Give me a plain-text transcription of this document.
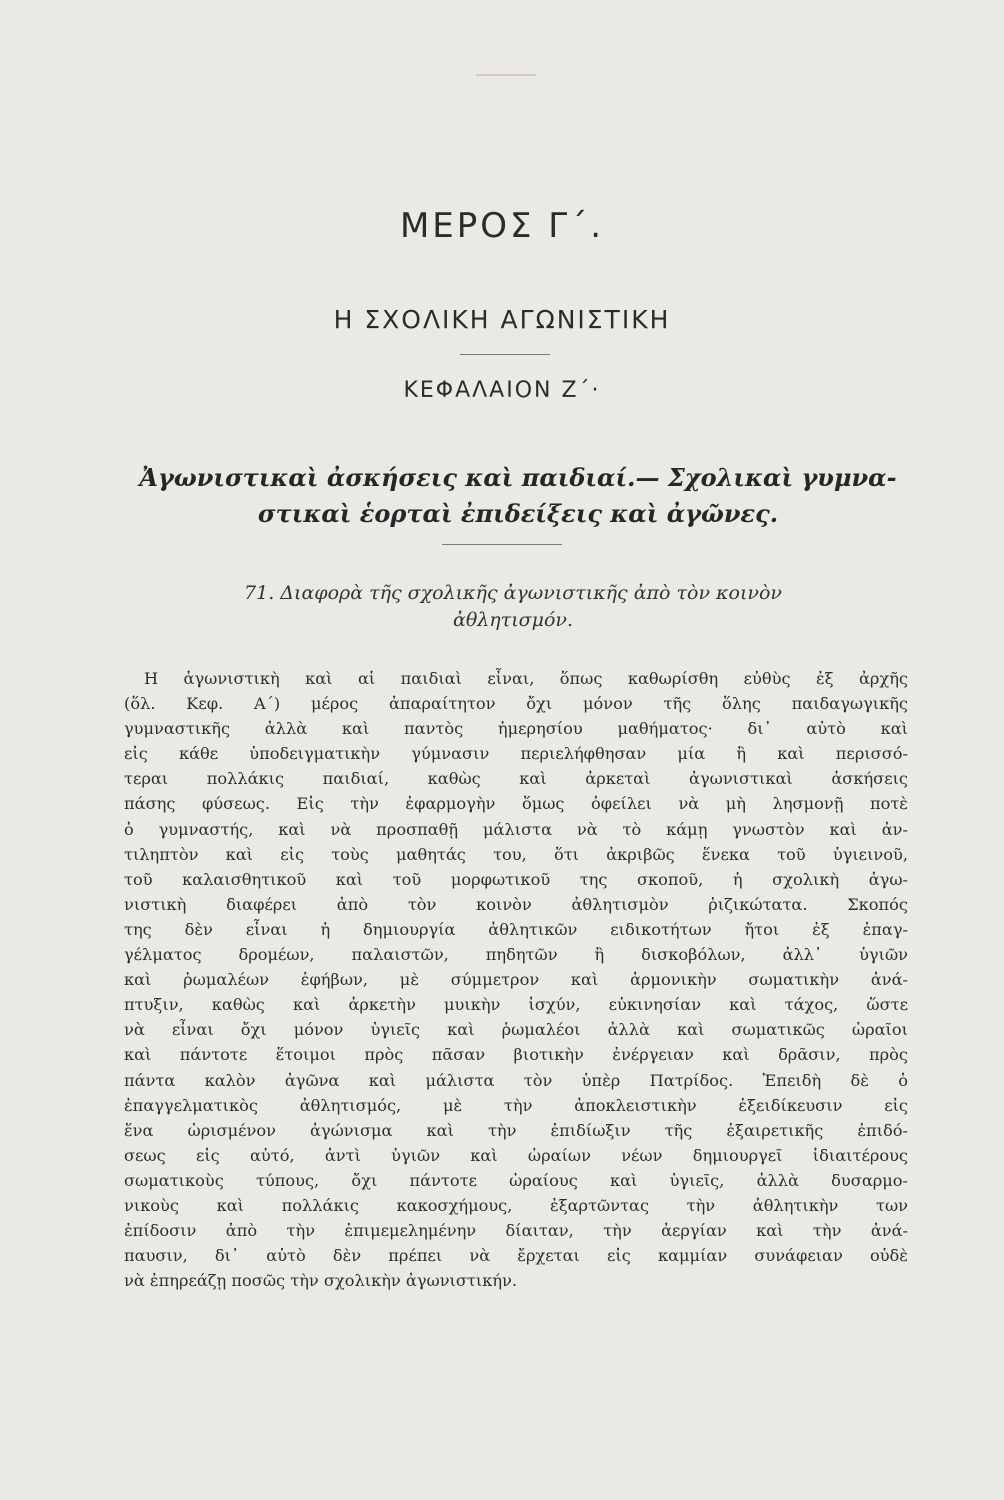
ΜΕΡΟΣ Γ΄.
Η ΣΧΟΛΙΚΗ ΑΓΩΝΙΣΤΙΚΗ
ΚΕΦΑΛΑΙΟΝ Ζ΄·
Ἀγωνιστικαὶ ἀσκήσεις καὶ παιδιαί.— Σχολικαὶ γυμνα-
στικαὶ ἑορταὶ ἐπιδείξεις καὶ ἀγῶνες.
71. Διαφορὰ τῆς σχολικῆς ἀγωνιστικῆς ἀπὸ τὸν κοινὸν
ἀθλητισμόν.
Η ἀγωνιστικὴ καὶ αἱ παιδιαὶ εἶναι, ὅπως καθωρίσθη εὐθὺς ἐξ ἀρχῆς
(ὅλ. Κεφ. Α΄) μέρος ἀπαραίτητον ὄχι μόνον τῆς ὅλης παιδαγωγικῆς
γυμναστικῆς ἀλλὰ καὶ παντὸς ἡμερησίου μαθήματος· δι᾽ αὐτὸ καὶ
εἰς κάθε ὑποδειγματικὴν γύμνασιν περιελήφθησαν μία ἢ καὶ περισσό-
τεραι πολλάκις παιδιαί, καθὼς καὶ ἀρκεταὶ ἀγωνιστικαὶ ἀσκήσεις
πάσης φύσεως. Εἰς τὴν ἐφαρμογὴν ὅμως ὀφείλει νὰ μὴ λησμονῇ ποτὲ
ὁ γυμναστής, καὶ νὰ προσπαθῇ μάλιστα νὰ τὸ κάμῃ γνωστὸν καὶ ἀν-
τιληπτὸν καὶ εἰς τοὺς μαθητάς του, ὅτι ἀκριβῶς ἕνεκα τοῦ ὑγιεινοῦ,
τοῦ καλαισθητικοῦ καὶ τοῦ μορφωτικοῦ της σκοποῦ, ἡ σχολικὴ ἀγω-
νιστικὴ διαφέρει ἀπὸ τὸν κοινὸν ἀθλητισμὸν ῥιζικώτατα. Σκοπός
της δὲν εἶναι ἡ δημιουργία ἀθλητικῶν ειδικοτήτων ἤτοι ἐξ ἐπαγ-
γέλματος δρομέων, παλαιστῶν, πηδητῶν ἢ δισκοβόλων, ἀλλ᾽ ὑγιῶν
καὶ ῥωμαλέων ἐφήβων, μὲ σύμμετρον καὶ ἁρμονικὴν σωματικὴν ἀνά-
πτυξιν, καθὼς καὶ ἀρκετὴν μυικὴν ἰσχύν, εὐκινησίαν καὶ τάχος, ὥστε
νὰ εἶναι ὄχι μόνον ὑγιεῖς καὶ ῥωμαλέοι ἀλλὰ καὶ σωματικῶς ὡραῖοι
καὶ πάντοτε ἕτοιμοι πρὸς πᾶσαν βιοτικὴν ἐνέργειαν καὶ δρᾶσιν, πρὸς
πάντα καλὸν ἀγῶνα καὶ μάλιστα τὸν ὑπὲρ Πατρίδος. Ἐπειδὴ δὲ ὁ
ἐπαγγελματικὸς ἀθλητισμός, μὲ τὴν ἀποκλειστικὴν ἐξειδίκευσιν εἰς
ἕνα ὡρισμένον ἀγώνισμα καὶ τὴν ἐπιδίωξιν τῆς ἐξαιρετικῆς ἐπιδό-
σεως εἰς αὐτό, ἀντὶ ὑγιῶν καὶ ὡραίων νέων δημιουργεῖ ἰδιαιτέρους
σωματικοὺς τύπους, ὄχι πάντοτε ὡραίους καὶ ὑγιεῖς, ἀλλὰ δυσαρμο-
νικοὺς καὶ πολλάκις κακοσχήμους, ἐξαρτῶντας τὴν ἀθλητικὴν των
ἐπίδοσιν ἀπὸ τὴν ἐπιμεμελημένην δίαιταν, τὴν ἀεργίαν καὶ τὴν ἀνά-
παυσιν, δι᾽ αὐτὸ δὲν πρέπει νὰ ἔρχεται εἰς καμμίαν συνάφειαν οὐδὲ
νὰ ἐπηρεάζῃ ποσῶς τὴν σχολικὴν ἀγωνιστικήν.
